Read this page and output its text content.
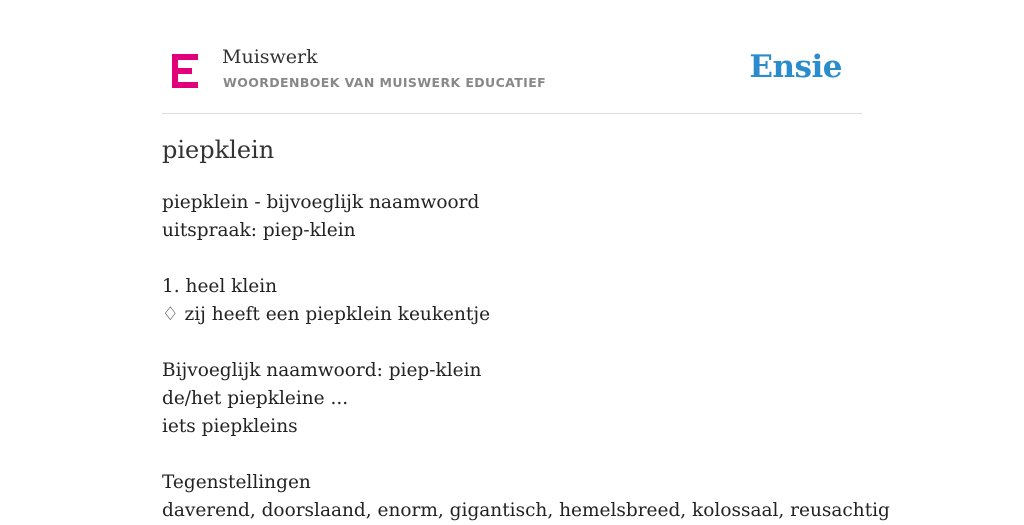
Muiswerk
WOORDENBOEK VAN MUISWERK EDUCATIEF	Ensie
piepklein
piepklein - bijvoeglijk naamwoord
uitspraak: piep-klein
1. heel klein
♢ zij heeft een piepklein keukentje
Bijvoeglijk naamwoord: piep-klein
de/het piepkleine ...
iets piepkleins
Tegenstellingen
daverend, doorslaand, enorm, gigantisch, hemelsbreed, kolossaal, reusachtig
